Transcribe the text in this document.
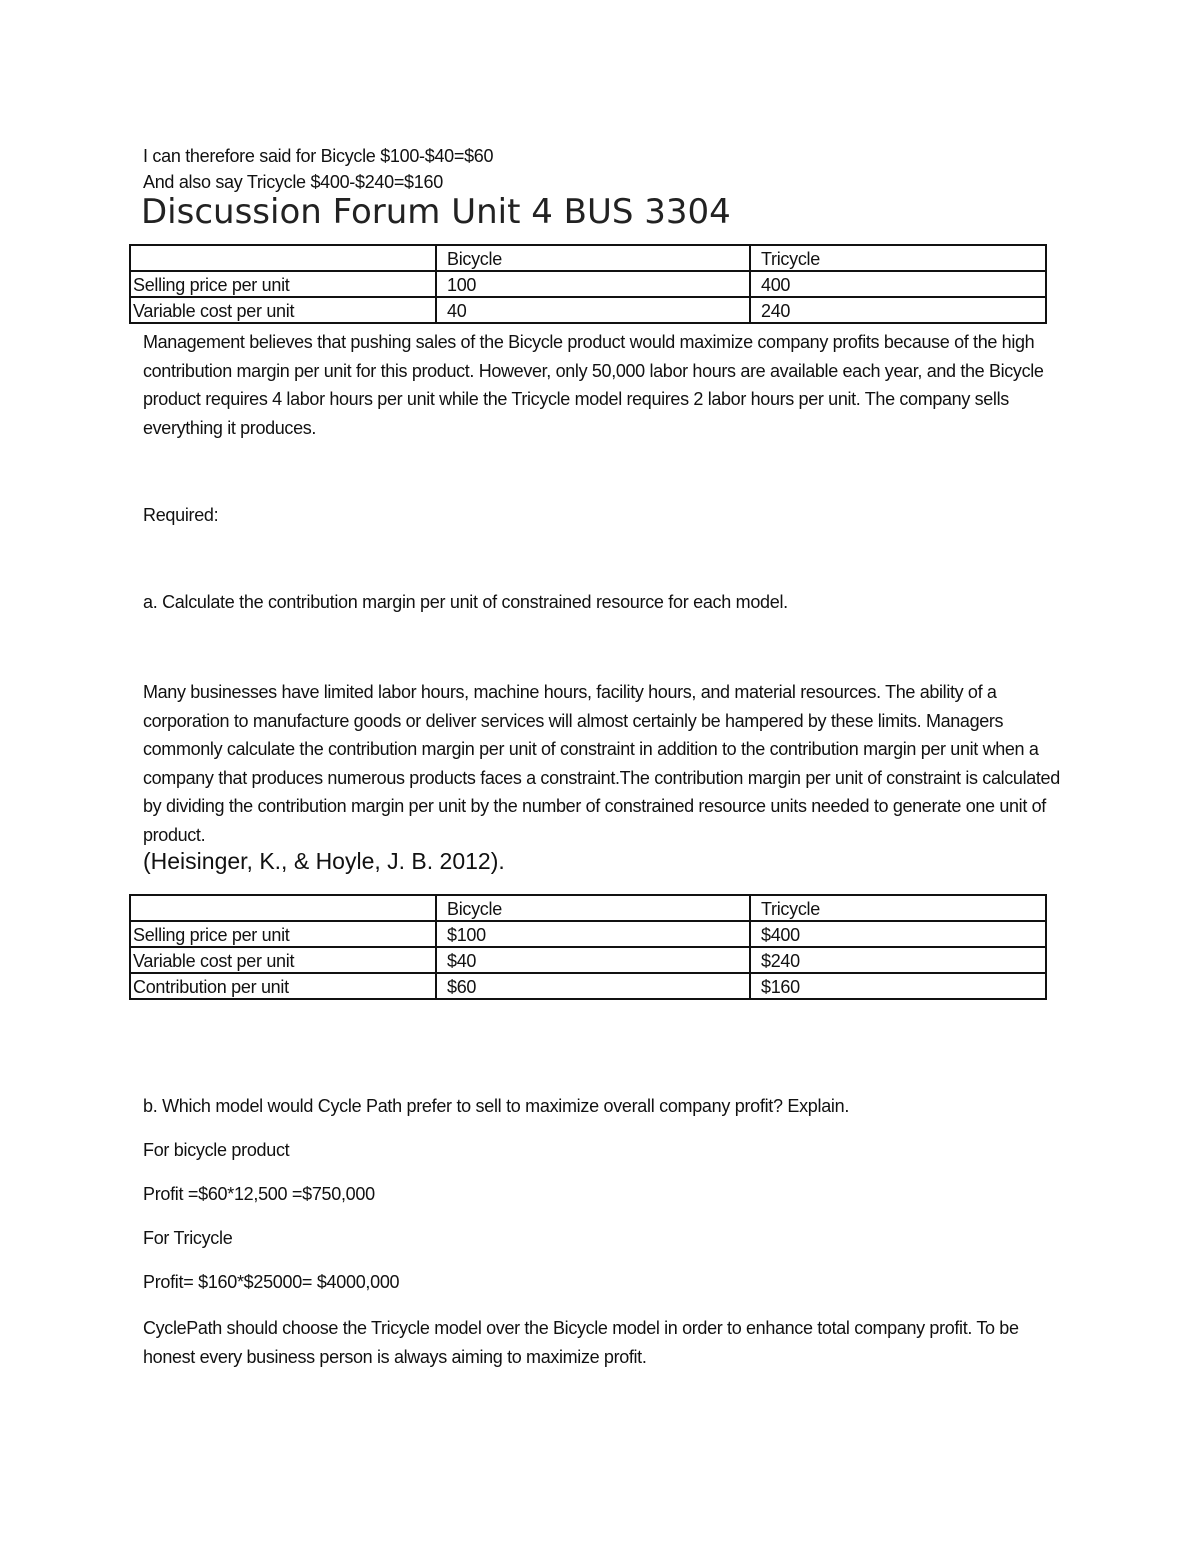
I can therefore said for Bicycle $100-$40=$60
And also say Tricycle $400-$240=$160
Discussion Forum Unit 4 BUS 3304
	Bicycle	Tricycle
Selling price per unit	100	400
Variable cost per unit	40	240
Management believes that pushing sales of the Bicycle product would maximize company profits because of the high contribution margin per unit for this product. However, only 50,000 labor hours are available each year, and the Bicycle product requires 4 labor hours per unit while the Tricycle model requires 2 labor hours per unit. The company sells everything it produces.
Required:
a. Calculate the contribution margin per unit of constrained resource for each model.
Many businesses have limited labor hours, machine hours, facility hours, and material resources. The ability of a corporation to manufacture goods or deliver services will almost certainly be hampered by these limits. Managers commonly calculate the contribution margin per unit of constraint in addition to the contribution margin per unit when a company that produces numerous products faces a constraint.The contribution margin per unit of constraint is calculated by dividing the contribution margin per unit by the number of constrained resource units needed to generate one unit of product.
(Heisinger, K., & Hoyle, J. B. 2012).
	Bicycle	Tricycle
Selling price per unit	$100	$400
Variable cost per unit	$40	$240
Contribution per unit	$60	$160
b. Which model would Cycle Path prefer to sell to maximize overall company profit? Explain.
For bicycle product
Profit =$60*12,500 =$750,000
For Tricycle
Profit= $160*$25000= $4000,000
CyclePath should choose the Tricycle model over the Bicycle model in order to enhance total company profit. To be honest every business person is always aiming to maximize profit.
